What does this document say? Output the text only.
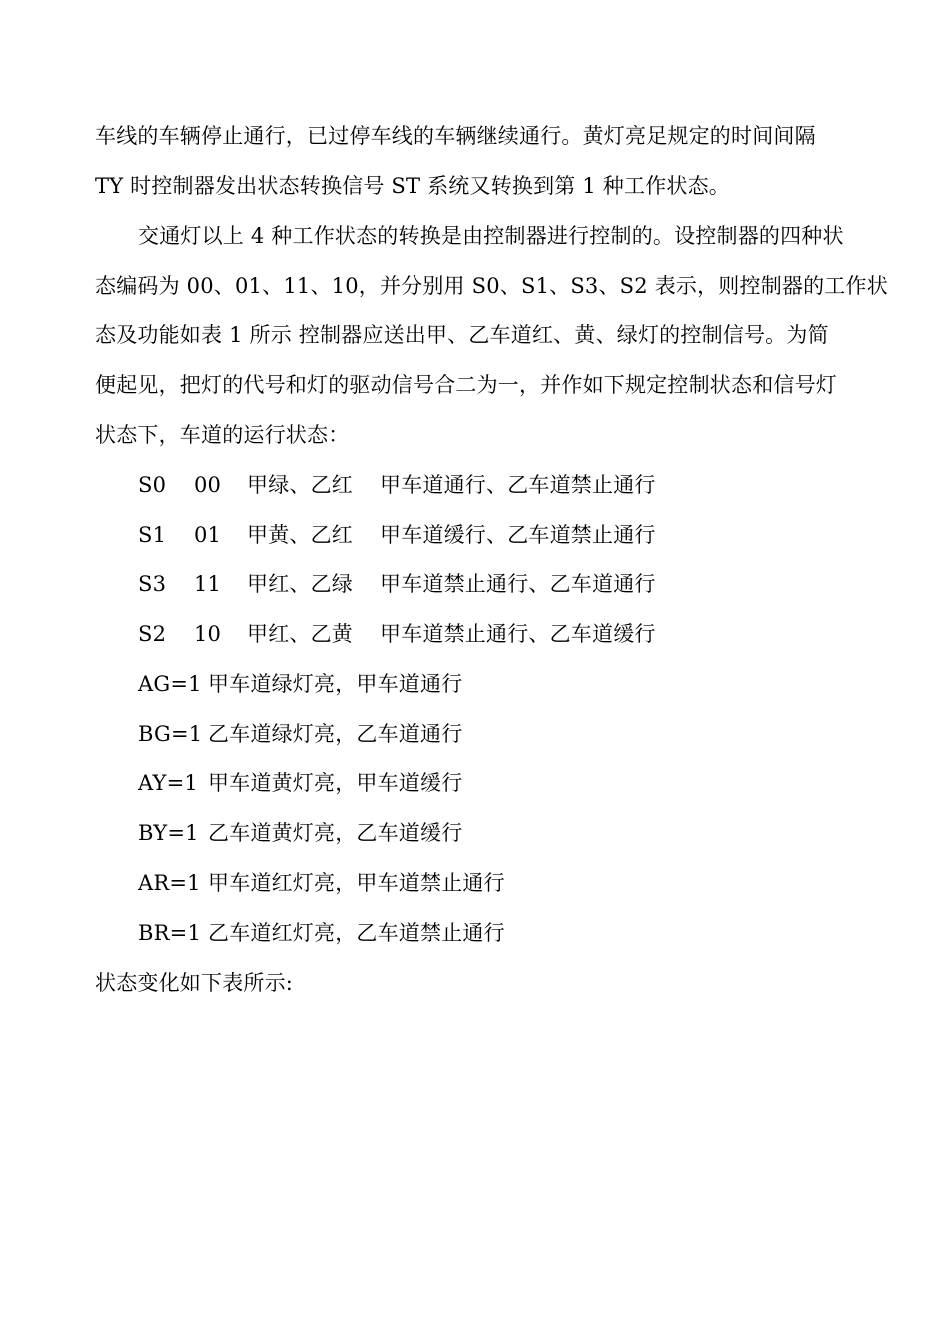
车线的车辆停止通行，已过停车线的车辆继续通行。黄灯亮足规定的时间间隔
TY 时控制器发出状态转换信号 ST 系统又转换到第 1 种工作状态。
交通灯以上 4 种工作状态的转换是由控制器进行控制的。设控制器的四种状
态编码为 00、01、11、10，并分别用 S0、S1、S3、S2 表示，则控制器的工作状
态及功能如表 1 所示 控制器应送出甲、乙车道红、黄、绿灯的控制信号。为简
便起见，把灯的代号和灯的驱动信号合二为一，并作如下规定控制状态和信号灯
状态下，车道的运行状态：
S0 00 甲绿、乙红 甲车道通行、乙车道禁止通行
S1 01 甲黄、乙红 甲车道缓行、乙车道禁止通行
S3 11 甲红、乙绿 甲车道禁止通行、乙车道通行
S2 10 甲红、乙黄 甲车道禁止通行、乙车道缓行
AG=1 甲车道绿灯亮，甲车道通行
BG=1 乙车道绿灯亮，乙车道通行
AY=1 甲车道黄灯亮，甲车道缓行
BY=1 乙车道黄灯亮，乙车道缓行
AR=1 甲车道红灯亮，甲车道禁止通行
BR=1 乙车道红灯亮，乙车道禁止通行
状态变化如下表所示:
